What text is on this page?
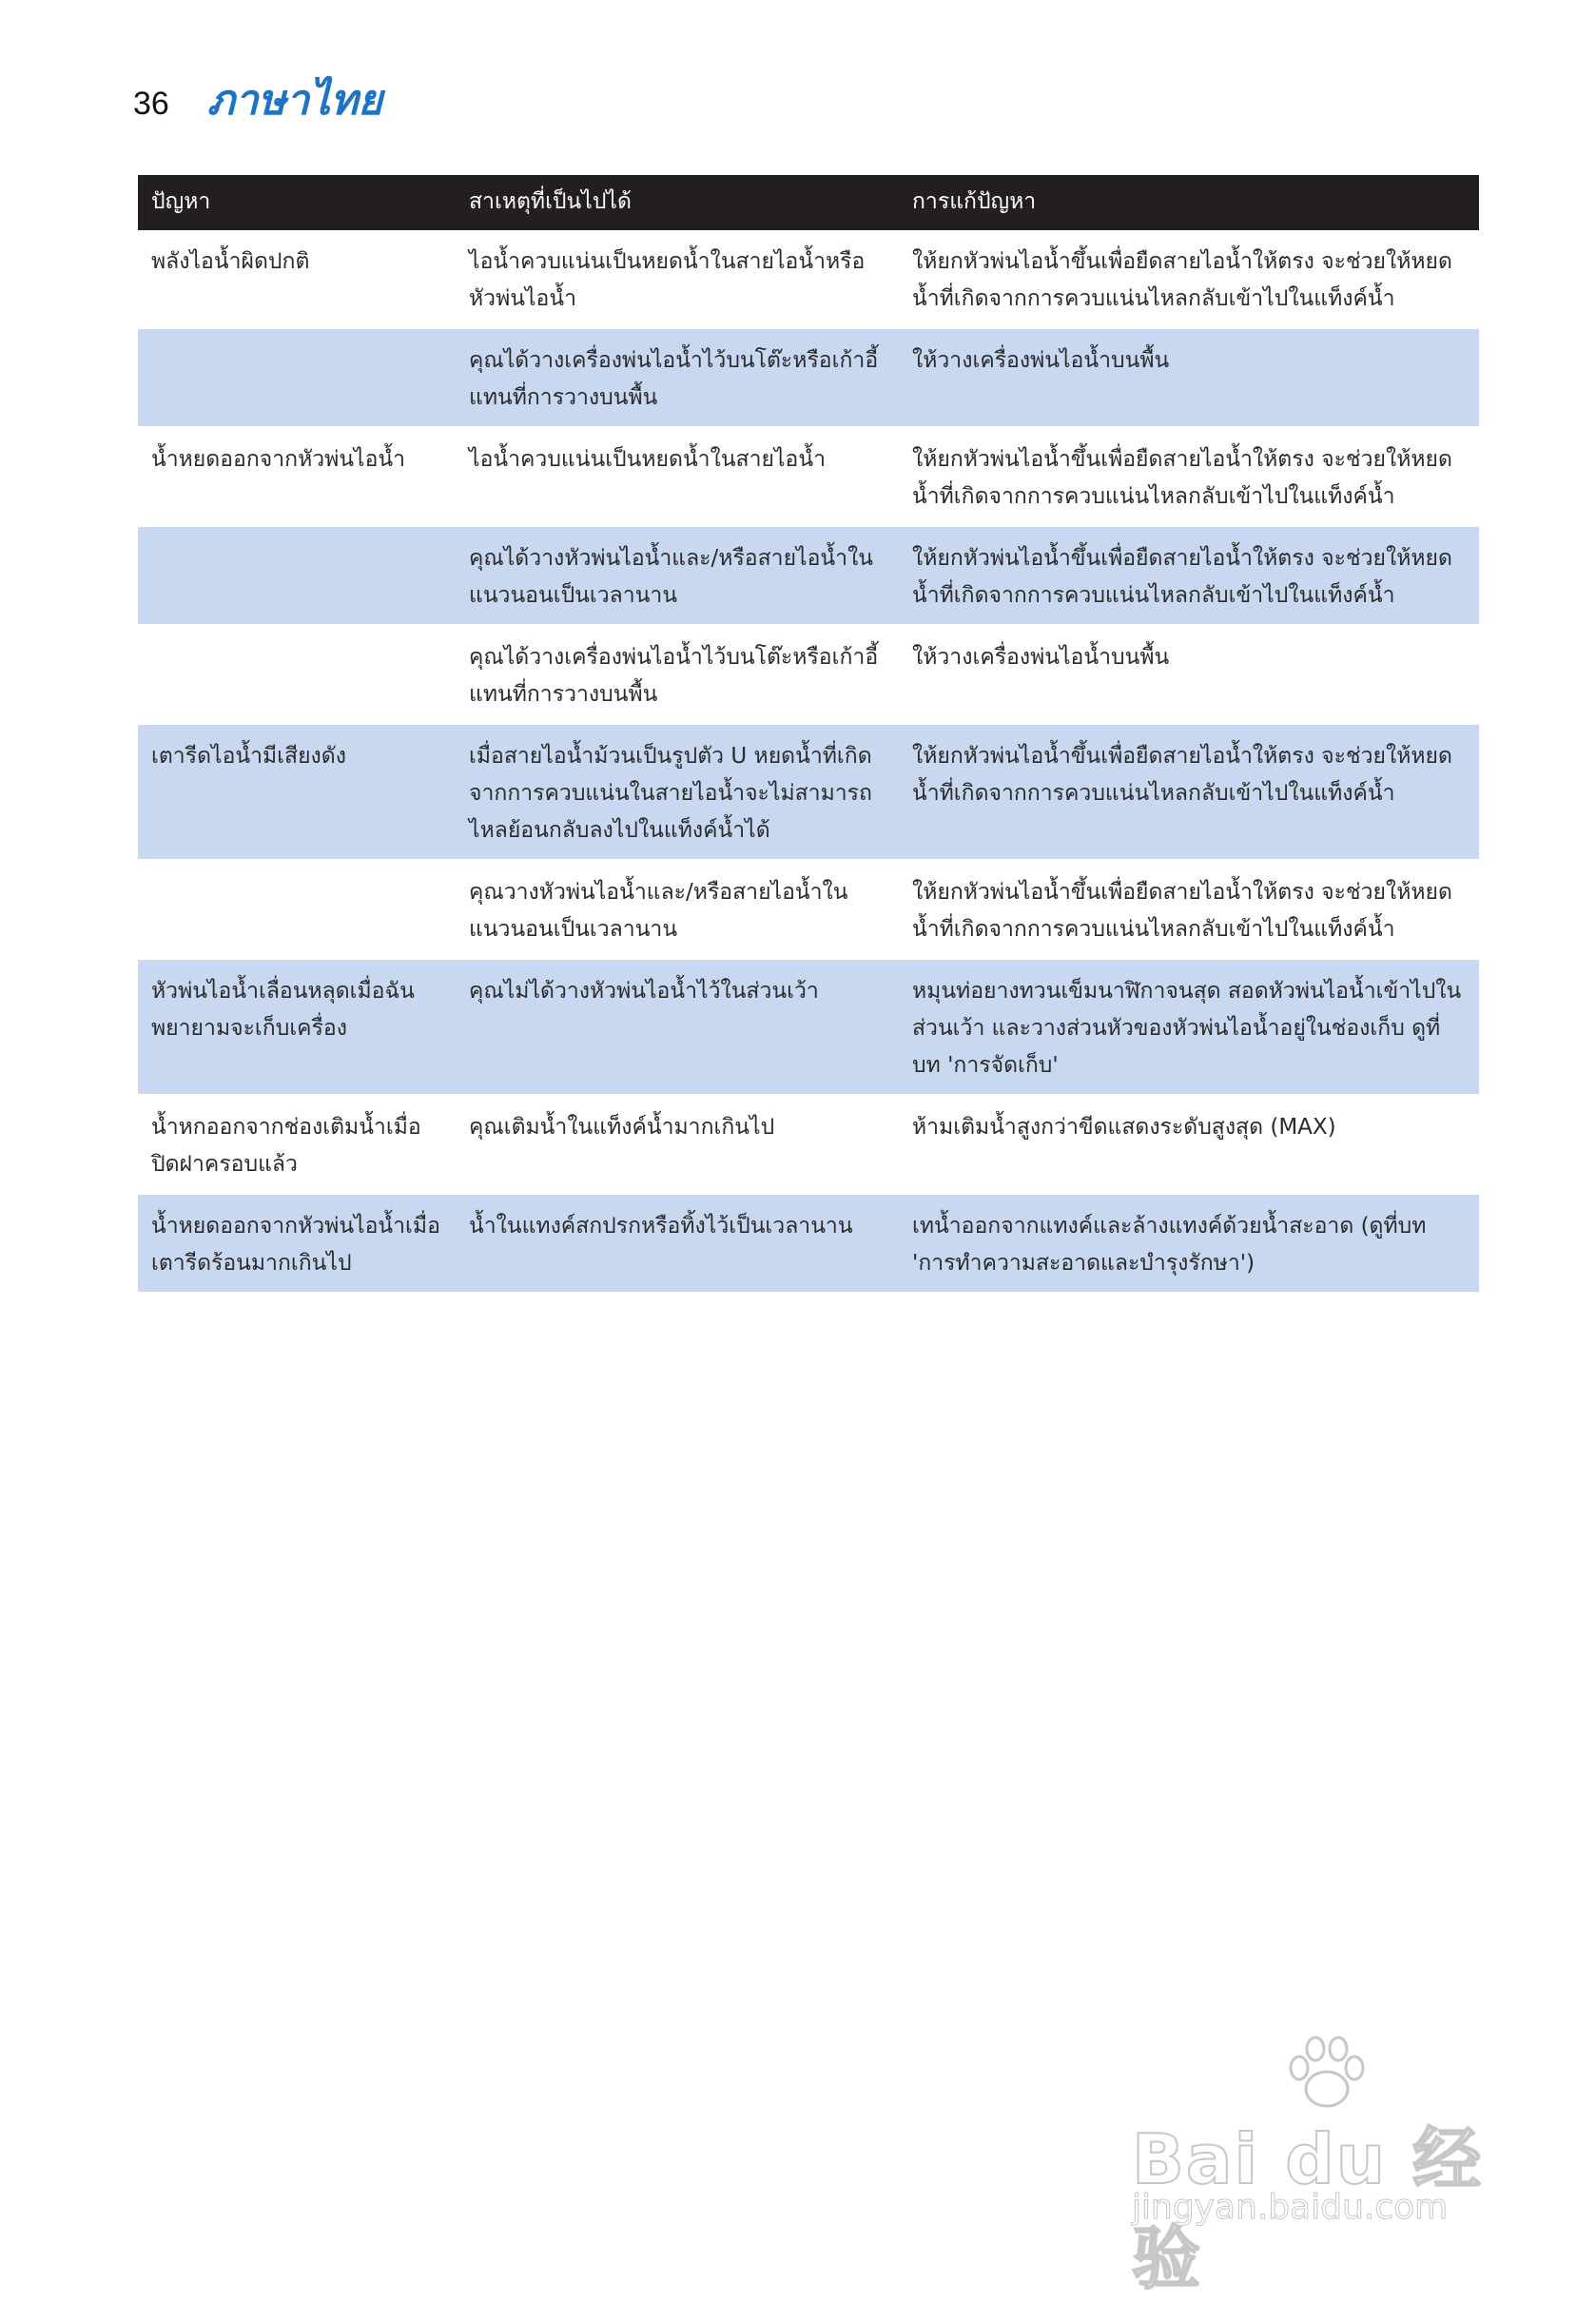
36 ภาษาไทย
ปัญหา	สาเหตุที่เป็นไปได้	การแก้ปัญหา
พลังไอน้ำผิดปกติ	ไอน้ำควบแน่นเป็นหยดน้ำในสายไอน้ำหรือหัวพ่นไอน้ำ	ให้ยกหัวพ่นไอน้ำขึ้นเพื่อยืดสายไอน้ำให้ตรง จะช่วยให้หยดน้ำที่เกิดจากการควบแน่นไหลกลับเข้าไปในแท็งค์น้ำ
	คุณได้วางเครื่องพ่นไอน้ำไว้บนโต๊ะหรือเก้าอี้แทนที่การวางบนพื้น	ให้วางเครื่องพ่นไอน้ำบนพื้น
น้ำหยดออกจากหัวพ่นไอน้ำ	ไอน้ำควบแน่นเป็นหยดน้ำในสายไอน้ำ	ให้ยกหัวพ่นไอน้ำขึ้นเพื่อยืดสายไอน้ำให้ตรง จะช่วยให้หยดน้ำที่เกิดจากการควบแน่นไหลกลับเข้าไปในแท็งค์น้ำ
	คุณได้วางหัวพ่นไอน้ำและ/หรือสายไอน้ำในแนวนอนเป็นเวลานาน	ให้ยกหัวพ่นไอน้ำขึ้นเพื่อยืดสายไอน้ำให้ตรง จะช่วยให้หยดน้ำที่เกิดจากการควบแน่นไหลกลับเข้าไปในแท็งค์น้ำ
	คุณได้วางเครื่องพ่นไอน้ำไว้บนโต๊ะหรือเก้าอี้แทนที่การวางบนพื้น	ให้วางเครื่องพ่นไอน้ำบนพื้น
เตารีดไอน้ำมีเสียงดัง	เมื่อสายไอน้ำม้วนเป็นรูปตัว U หยดน้ำที่เกิดจากการควบแน่นในสายไอน้ำจะไม่สามารถไหลย้อนกลับลงไปในแท็งค์น้ำได้	ให้ยกหัวพ่นไอน้ำขึ้นเพื่อยืดสายไอน้ำให้ตรง จะช่วยให้หยดน้ำที่เกิดจากการควบแน่นไหลกลับเข้าไปในแท็งค์น้ำ
	คุณวางหัวพ่นไอน้ำและ/หรือสายไอน้ำในแนวนอนเป็นเวลานาน	ให้ยกหัวพ่นไอน้ำขึ้นเพื่อยืดสายไอน้ำให้ตรง จะช่วยให้หยดน้ำที่เกิดจากการควบแน่นไหลกลับเข้าไปในแท็งค์น้ำ
หัวพ่นไอน้ำเลื่อนหลุดเมื่อฉันพยายามจะเก็บเครื่อง	คุณไม่ได้วางหัวพ่นไอน้ำไว้ในส่วนเว้า	หมุนท่อยางทวนเข็มนาฬิกาจนสุด สอดหัวพ่นไอน้ำเข้าไปในส่วนเว้า และวางส่วนหัวของหัวพ่นไอน้ำอยู่ในช่องเก็บ ดูที่บท 'การจัดเก็บ'
น้ำหกออกจากช่องเติมน้ำเมื่อปิดฝาครอบแล้ว	คุณเติมน้ำในแท็งค์น้ำมากเกินไป	ห้ามเติมน้ำสูงกว่าขีดแสดงระดับสูงสุด (MAX)
น้ำหยดออกจากหัวพ่นไอน้ำเมื่อเตารีดร้อนมากเกินไป	น้ำในแทงค์สกปรกหรือทิ้งไว้เป็นเวลานาน	เทน้ำออกจากแทงค์และล้างแทงค์ด้วยน้ำสะอาด (ดูที่บท 'การทำความสะอาดและบำรุงรักษา')
Bai du 经验
jingyan.baidu.com
